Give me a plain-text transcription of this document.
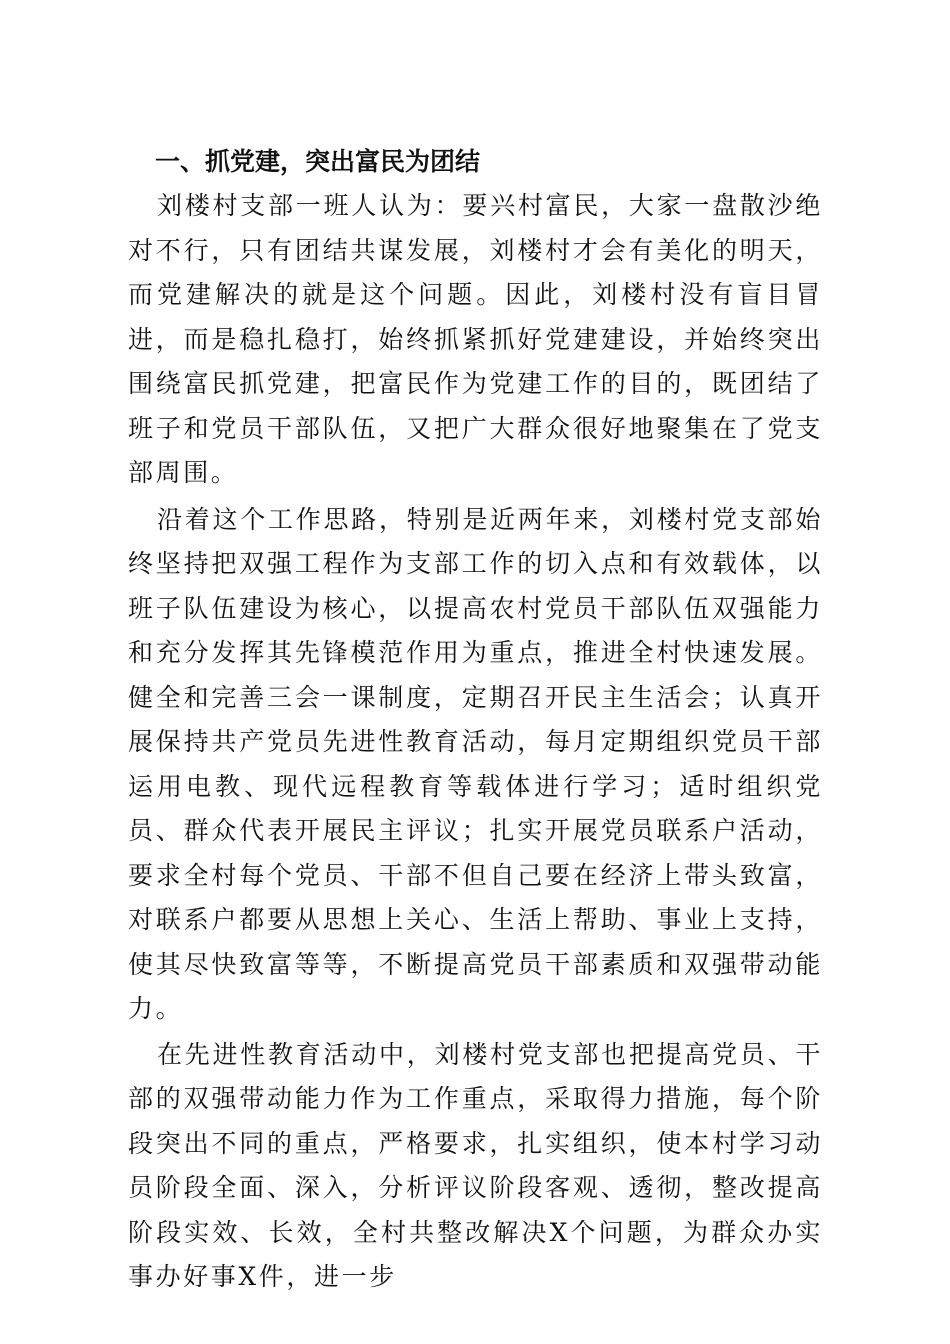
一、抓党建，突出富民为团结

刘楼村支部一班人认为：要兴村富民，大家一盘散沙绝对不行，只有团结共谋发展，刘楼村才会有美化的明天，而党建解决的就是这个问题。因此，刘楼村没有盲目冒进，而是稳扎稳打，始终抓紧抓好党建建设，并始终突出围绕富民抓党建，把富民作为党建工作的目的，既团结了班子和党员干部队伍，又把广大群众很好地聚集在了党支部周围。

沿着这个工作思路，特别是近两年来，刘楼村党支部始终坚持把双强工程作为支部工作的切入点和有效载体，以班子队伍建设为核心，以提高农村党员干部队伍双强能力和充分发挥其先锋模范作用为重点，推进全村快速发展。健全和完善三会一课制度，定期召开民主生活会；认真开展保持共产党员先进性教育活动，每月定期组织党员干部运用电教、现代远程教育等载体进行学习；适时组织党员、群众代表开展民主评议；扎实开展党员联系户活动，要求全村每个党员、干部不但自己要在经济上带头致富，对联系户都要从思想上关心、生活上帮助、事业上支持，使其尽快致富等等，不断提高党员干部素质和双强带动能力。

在先进性教育活动中，刘楼村党支部也把提高党员、干部的双强带动能力作为工作重点，采取得力措施，每个阶段突出不同的重点，严格要求，扎实组织，使本村学习动员阶段全面、深入，分析评议阶段客观、透彻，整改提高阶段实效、长效，全村共整改解决X个问题，为群众办实事办好事X件，进一步
